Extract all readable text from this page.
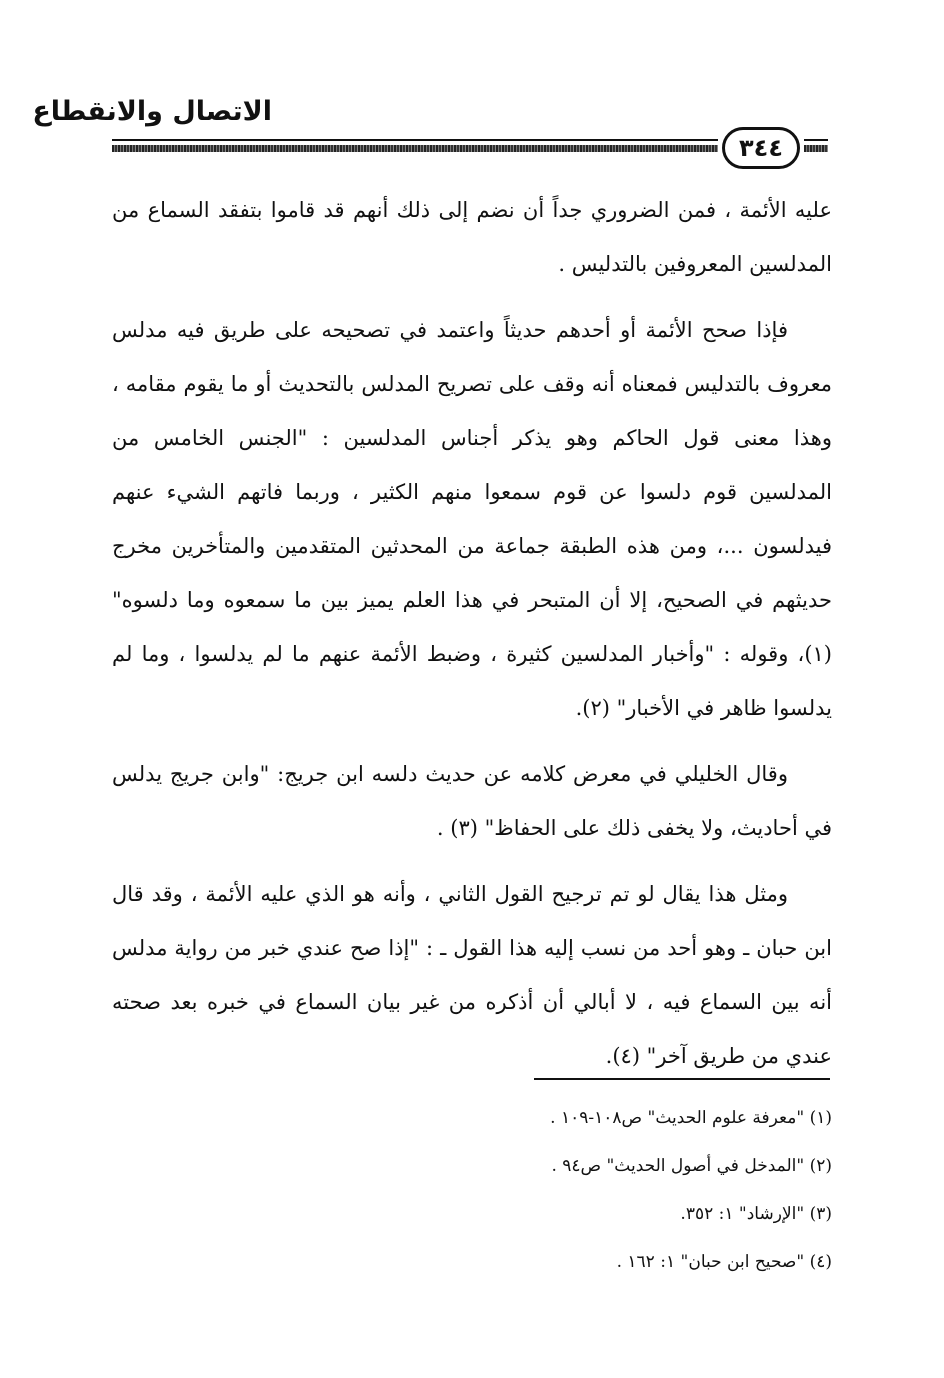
الاتصال والانقطاع
٣٤٤

عليه الأئمة ، فمن الضروري جداً أن نضم إلى ذلك أنهم قد قاموا بتفقد السماع من المدلسين المعروفين بالتدليس .

فإذا صحح الأئمة أو أحدهم حديثاً واعتمد في تصحيحه على طريق فيه مدلس معروف بالتدليس فمعناه أنه وقف على تصريح المدلس بالتحديث أو ما يقوم مقامه ، وهذا معنى قول الحاكم وهو يذكر أجناس المدلسين : "الجنس الخامس من المدلسين قوم دلسوا عن قوم سمعوا منهم الكثير ، وربما فاتهم الشيء عنهم فيدلسون ...، ومن هذه الطبقة جماعة من المحدثين المتقدمين والمتأخرين مخرج حديثهم في الصحيح، إلا أن المتبحر في هذا العلم يميز بين ما سمعوه وما دلسوه"(١)، وقوله : "وأخبار المدلسين كثيرة ، وضبط الأئمة عنهم ما لم يدلسوا ، وما لم يدلسوا ظاهر في الأخبار" (٢).

وقال الخليلي في معرض كلامه عن حديث دلسه ابن جريج: "وابن جريج يدلس في أحاديث، ولا يخفى ذلك على الحفاظ" (٣) .

ومثل هذا يقال لو تم ترجيح القول الثاني ، وأنه هو الذي عليه الأئمة ، وقد قال ابن حبان ـ وهو أحد من نسب إليه هذا القول ـ : "إذا صح عندي خبر من رواية مدلس أنه بين السماع فيه ، لا أبالي أن أذكره من غير بيان السماع في خبره بعد صحته عندي من طريق آخر" (٤).

(١) "معرفة علوم الحديث" ص١٠٨-١٠٩ .
(٢) "المدخل في أصول الحديث" ص٩٤ .
(٣) "الإرشاد" ١: ٣٥٢.
(٤) "صحيح ابن حبان" ١: ١٦٢ .
